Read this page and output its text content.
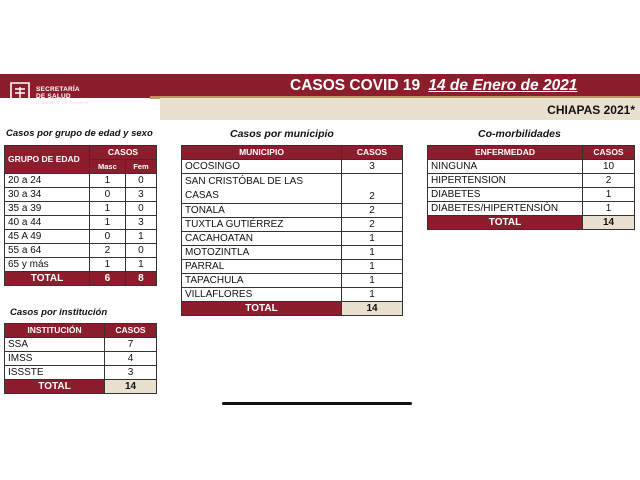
SECRETARÍA
DE SALUD
GOBIERNO DE CHIAPAS
CASOS COVID 19 14 de Enero de 2021
CHIAPAS 2021*
Casos por grupo de edad y sexo
GRUPO DE EDAD	CASOS	
	Masc	Fem
20 a 24	1	0
30 a 34	0	3
35 a 39	1	0
40 a 44	1	3
45 A 49	0	1
55 a 64	2	0
65 y más	1	1
TOTAL	6	8
Casos por institución
INSTITUCIÓN	CASOS
SSA	7
IMSS	4
ISSSTE	3
TOTAL	14
Casos por municipio
MUNICIPIO	CASOS
OCOSINGO	3

SAN CRISTÓBAL DE LAS
CASAS	2
TONALA	2
TUXTLA GUTIÉRREZ	2
CACAHOATAN	1
MOTOZINTLA	1
PARRAL	1
TAPACHULA	1
VILLAFLORES	1
TOTAL	14
Co-morbilidades
ENFERMEDAD	CASOS
NINGUNA	10
HIPERTENSION	2
DIABETES	1
DIABETES/HIPERTENSIÓN	1
TOTAL	14
